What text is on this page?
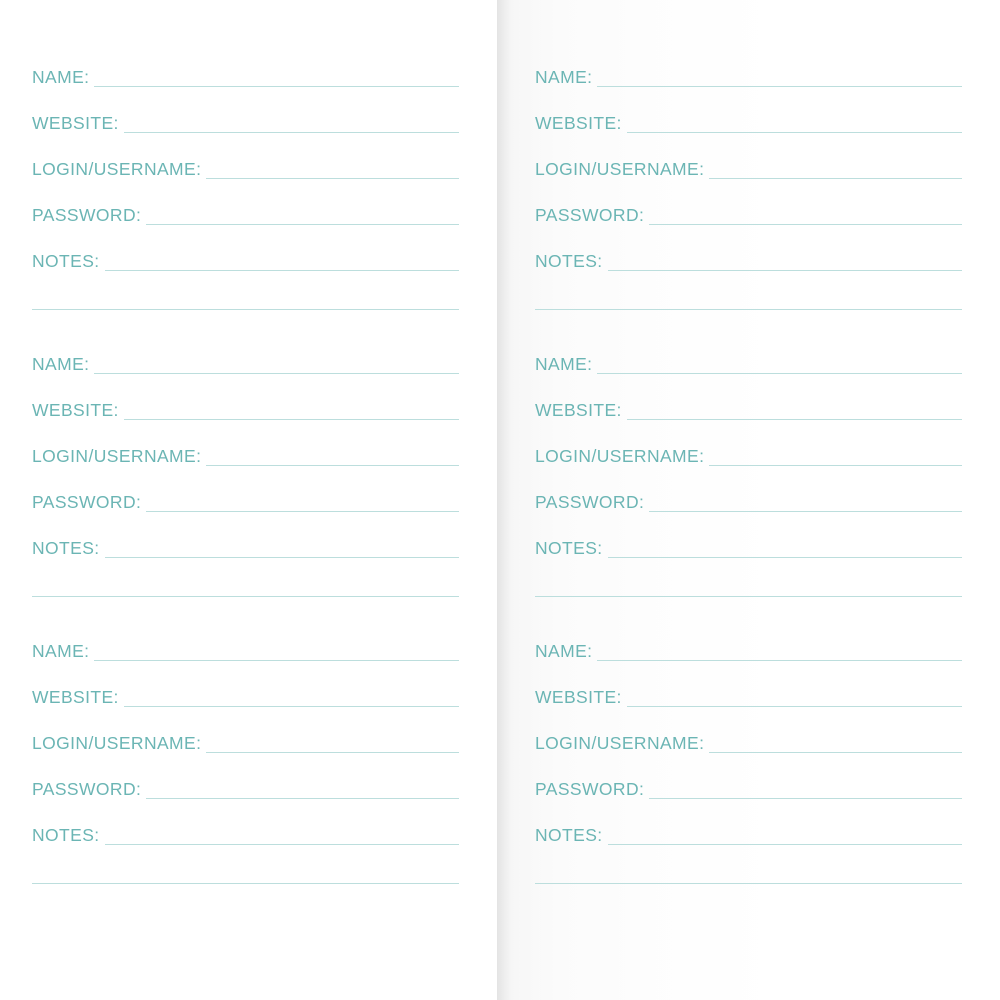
NAME:
WEBSITE:
LOGIN/USERNAME:
PASSWORD:
NOTES:
NAME:
WEBSITE:
LOGIN/USERNAME:
PASSWORD:
NOTES:
NAME:
WEBSITE:
LOGIN/USERNAME:
PASSWORD:
NOTES:
NAME:
WEBSITE:
LOGIN/USERNAME:
PASSWORD:
NOTES:
NAME:
WEBSITE:
LOGIN/USERNAME:
PASSWORD:
NOTES:
NAME:
WEBSITE:
LOGIN/USERNAME:
PASSWORD:
NOTES:
